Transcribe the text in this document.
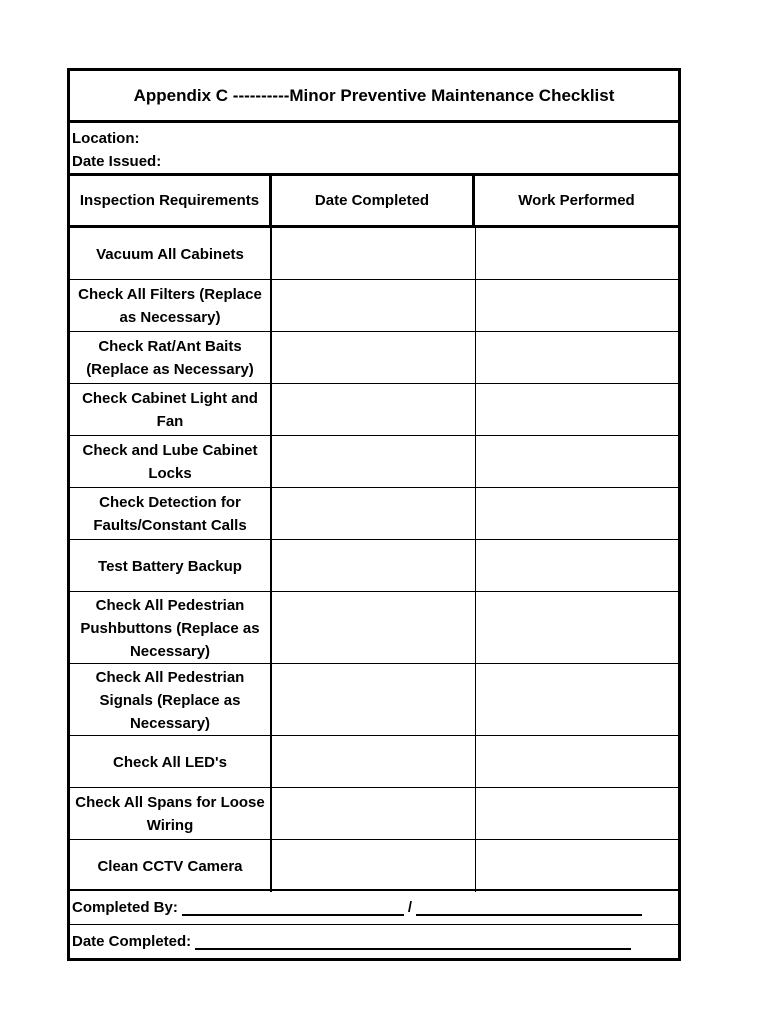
Appendix C ----------Minor Preventive Maintenance Checklist
Location:
Date Issued:
Inspection Requirements	Date Completed	Work Performed
Vacuum All Cabinets
Check All Filters (Replace as Necessary)
Check Rat/Ant Baits (Replace as Necessary)
Check Cabinet Light and Fan
Check and Lube Cabinet Locks
Check Detection for Faults/Constant Calls
Test Battery Backup
Check All Pedestrian Pushbuttons (Replace as Necessary)
Check All Pedestrian Signals (Replace as Necessary)
Check All LED's
Check All Spans for Loose Wiring
Clean CCTV Camera
Completed By:	/
Date Completed:
